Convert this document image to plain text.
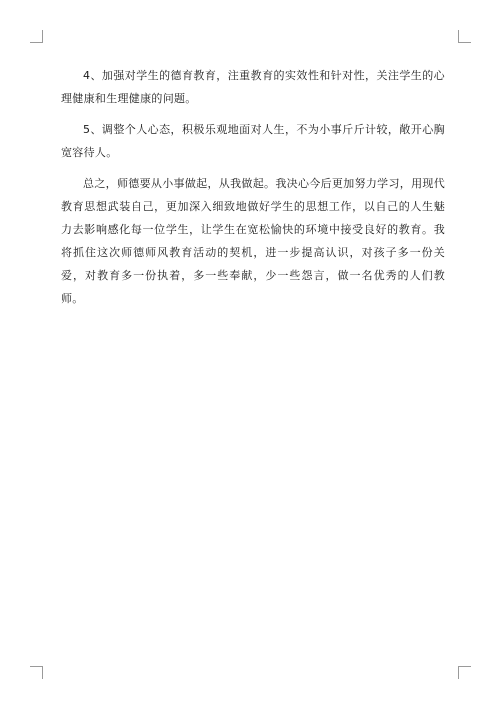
4、加强对学生的德育教育，注重教育的实效性和针对性，关注学生的心理健康和生理健康的问题。

5、调整个人心态，积极乐观地面对人生，不为小事斤斤计较，敞开心胸宽容待人。

总之，师德要从小事做起，从我做起。我决心今后更加努力学习，用现代教育思想武装自己，更加深入细致地做好学生的思想工作，以自己的人生魅力去影响感化每一位学生，让学生在宽松愉快的环境中接受良好的教育。我将抓住这次师德师风教育活动的契机，进一步提高认识，对孩子多一份关爱，对教育多一份执着，多一些奉献，少一些怨言，做一名优秀的人们教师。
